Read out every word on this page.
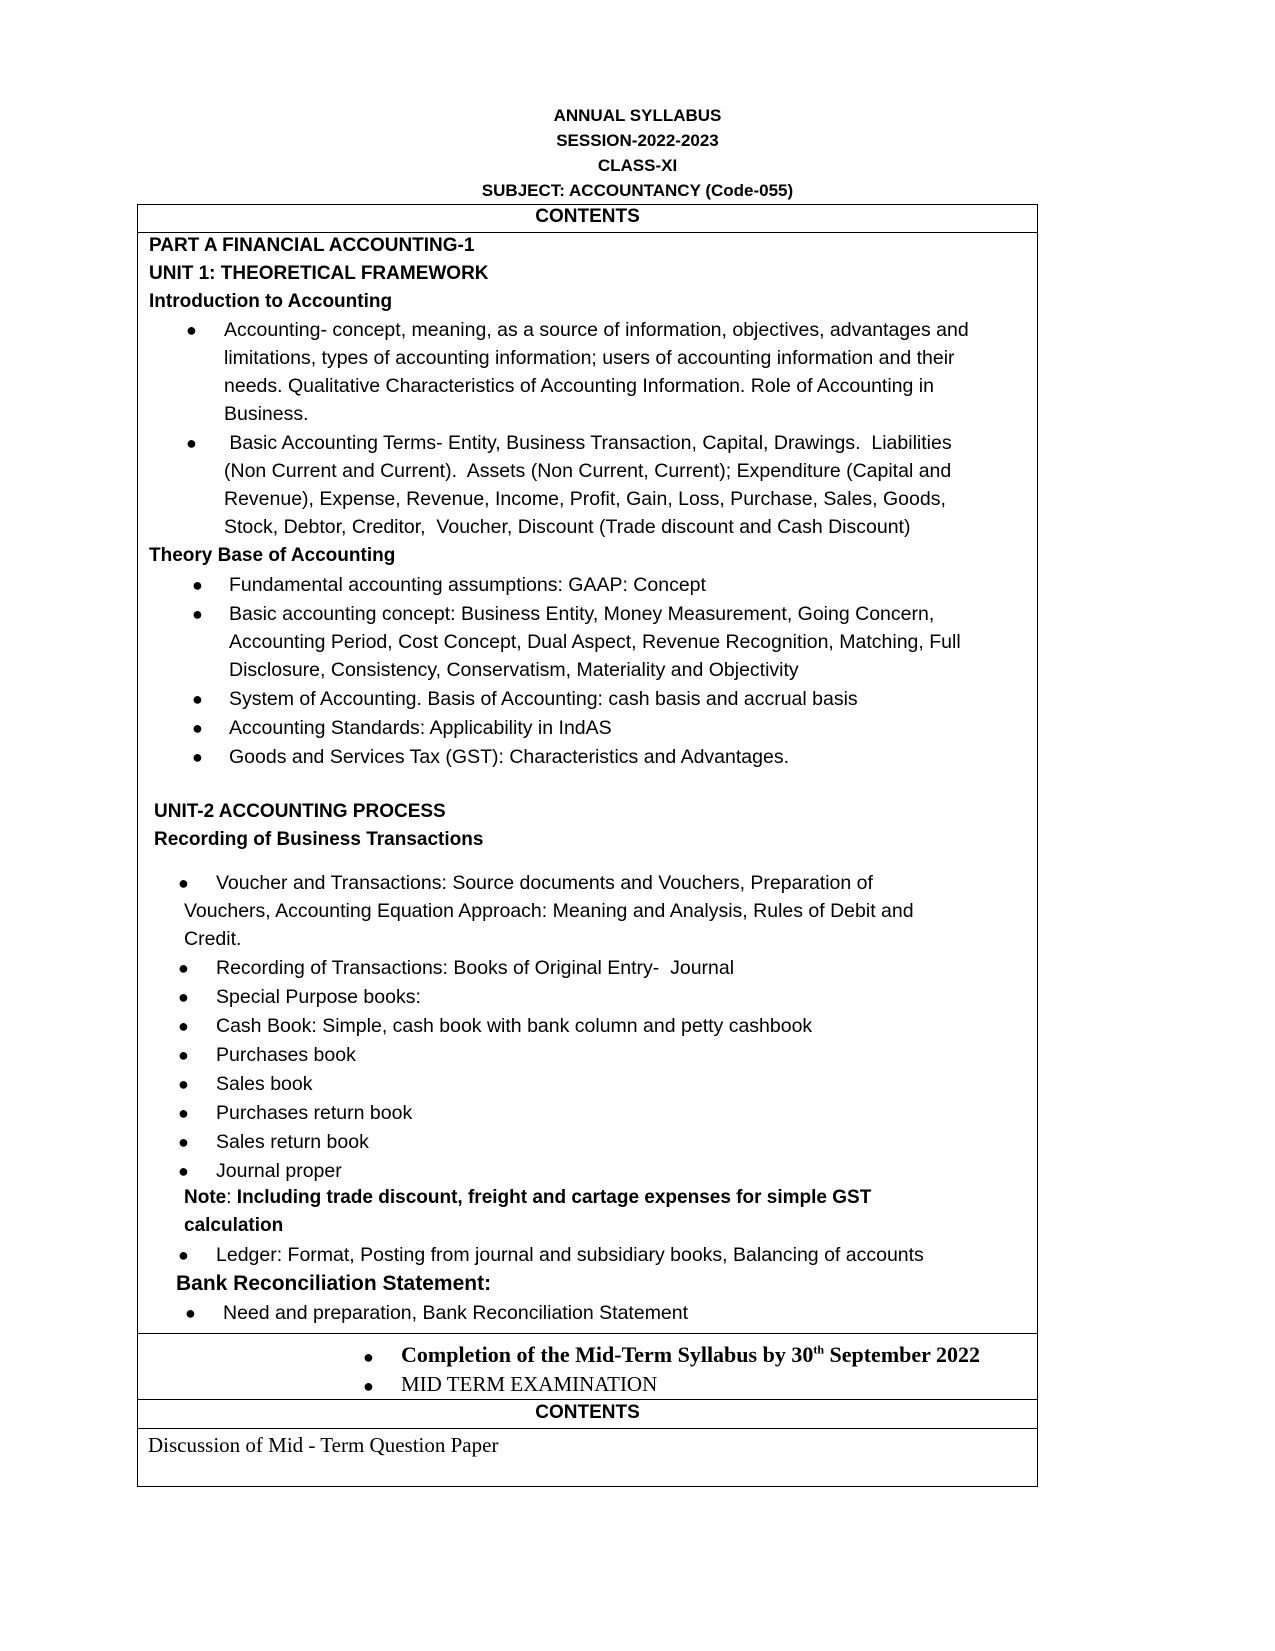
ANNUAL SYLLABUS
SESSION-2022-2023
CLASS-XI
SUBJECT: ACCOUNTANCY (Code-055)
CONTENTS
PART A FINANCIAL ACCOUNTING-1
UNIT 1: THEORETICAL FRAMEWORK
Introduction to Accounting
● Accounting- concept, meaning, as a source of information, objectives, advantages and
limitations, types of accounting information; users of accounting information and their
needs. Qualitative Characteristics of Accounting Information. Role of Accounting in
Business.
● Basic Accounting Terms- Entity, Business Transaction, Capital, Drawings.  Liabilities
(Non Current and Current).  Assets (Non Current, Current); Expenditure (Capital and
Revenue), Expense, Revenue, Income, Profit, Gain, Loss, Purchase, Sales, Goods,
Stock, Debtor, Creditor,  Voucher, Discount (Trade discount and Cash Discount)
Theory Base of Accounting
● Fundamental accounting assumptions: GAAP: Concept
● Basic accounting concept: Business Entity, Money Measurement, Going Concern,
Accounting Period, Cost Concept, Dual Aspect, Revenue Recognition, Matching, Full
Disclosure, Consistency, Conservatism, Materiality and Objectivity
● System of Accounting. Basis of Accounting: cash basis and accrual basis
● Accounting Standards: Applicability in IndAS
● Goods and Services Tax (GST): Characteristics and Advantages.
UNIT-2 ACCOUNTING PROCESS
Recording of Business Transactions
● Voucher and Transactions: Source documents and Vouchers, Preparation of
Vouchers, Accounting Equation Approach: Meaning and Analysis, Rules of Debit and
Credit.
● Recording of Transactions: Books of Original Entry-  Journal
● Special Purpose books:
● Cash Book: Simple, cash book with bank column and petty cashbook
● Purchases book
● Sales book
● Purchases return book
● Sales return book
● Journal proper
Note: Including trade discount, freight and cartage expenses for simple GST
calculation
● Ledger: Format, Posting from journal and subsidiary books, Balancing of accounts
Bank Reconciliation Statement:
● Need and preparation, Bank Reconciliation Statement
● Completion of the Mid-Term Syllabus by 30th September 2022
● MID TERM EXAMINATION
CONTENTS
Discussion of Mid - Term Question Paper
